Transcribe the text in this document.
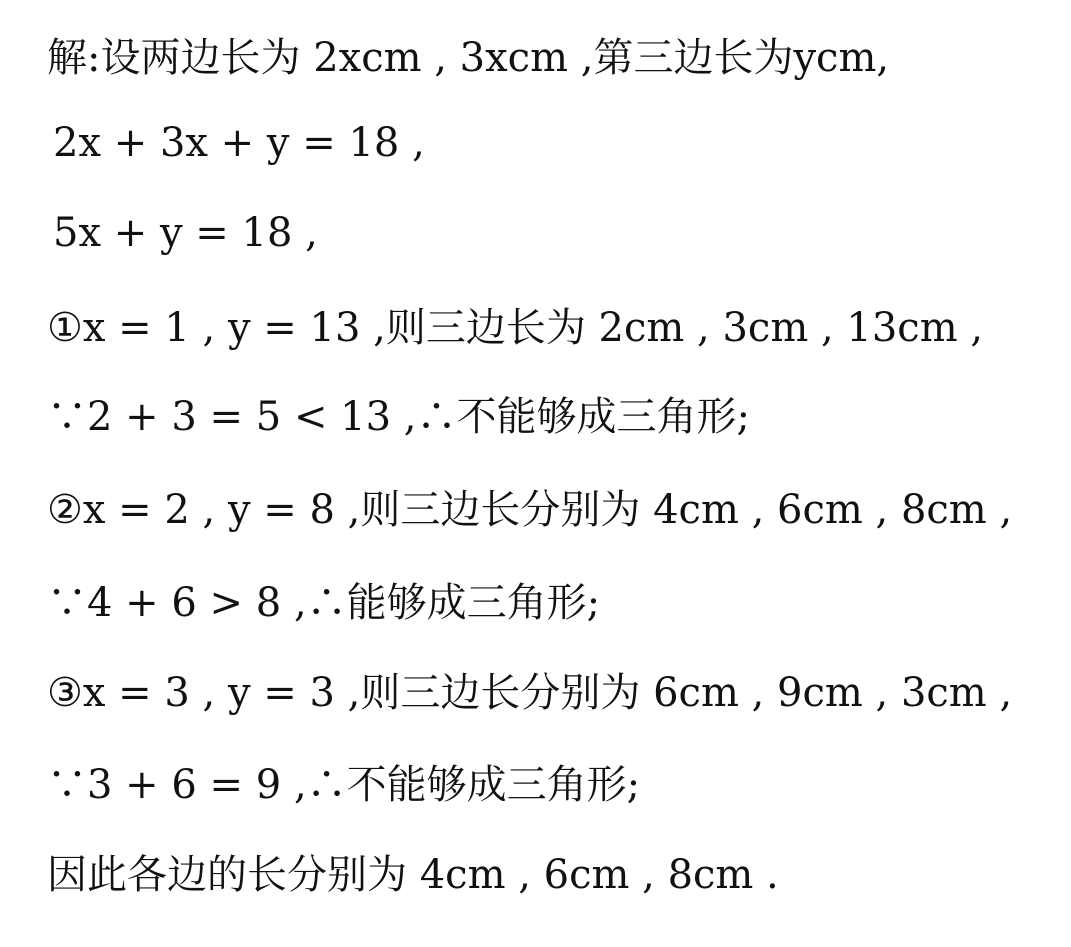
解:设两边长为 2xcm , 3xcm ,第三边长为ycm,
2x + 3x + y = 18 ,
5x + y = 18 ,
①x = 1 , y = 13 ,则三边长为 2cm , 3cm , 13cm ,
∵2 + 3 = 5 < 13 ,∴不能够成三角形;
②x = 2 , y = 8 ,则三边长分别为 4cm , 6cm , 8cm ,
∵4 + 6 > 8 ,∴能够成三角形;
③x = 3 , y = 3 ,则三边长分别为 6cm , 9cm , 3cm ,
∵3 + 6 = 9 ,∴不能够成三角形;
因此各边的长分别为 4cm , 6cm , 8cm .
